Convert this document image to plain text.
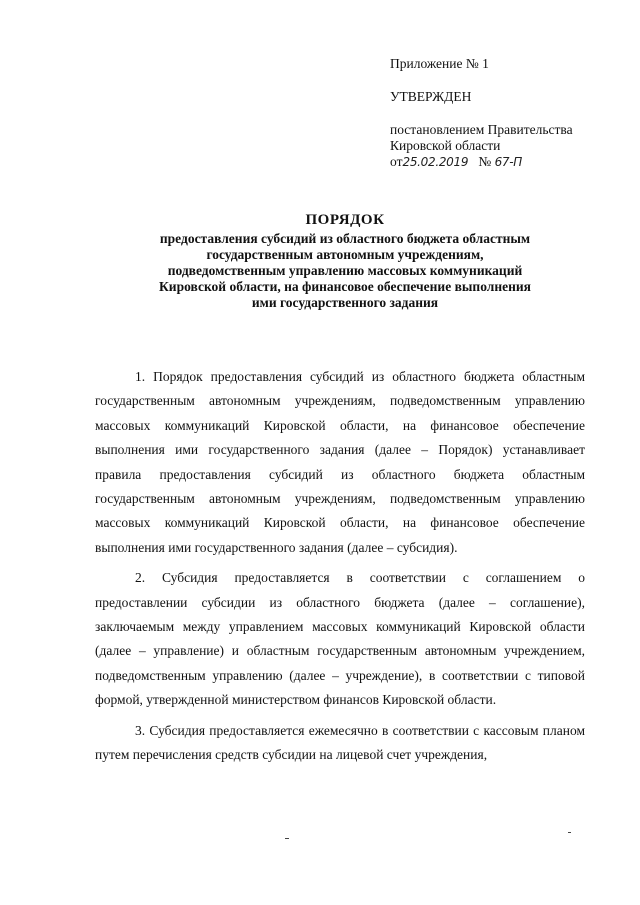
Приложение № 1
УТВЕРЖДЕН
постановлением Правительства
Кировской области
от25.02.2019 № 67-П
ПОРЯДОК
предоставления субсидий из областного бюджета областным
государственным автономным учреждениям,
подведомственным управлению массовых коммуникаций
Кировской области, на финансовое обеспечение выполнения
ими государственного задания

1. Порядок предоставления субсидий из областного бюджета областным государственным автономным учреждениям, подведомственным управлению массовых коммуникаций Кировской области, на финансовое обеспечение выполнения ими государственного задания (далее – Порядок) устанавливает правила предоставления субсидий из областного бюджета областным государственным автономным учреждениям, подведомственным управлению массовых коммуникаций Кировской области, на финансовое обеспечение выполнения ими государственного задания (далее – субсидия).

2. Субсидия предоставляется в соответствии с соглашением о предоставлении субсидии из областного бюджета (далее – соглашение), заключаемым между управлением массовых коммуникаций Кировской области (далее – управление) и областным государственным автономным учреждением, подведомственным управлению (далее – учреждение), в соответствии с типовой формой, утвержденной министерством финансов Кировской области.

3. Субсидия предоставляется ежемесячно в соответствии с кассовым планом путем перечисления средств субсидии на лицевой счет учреждения,
